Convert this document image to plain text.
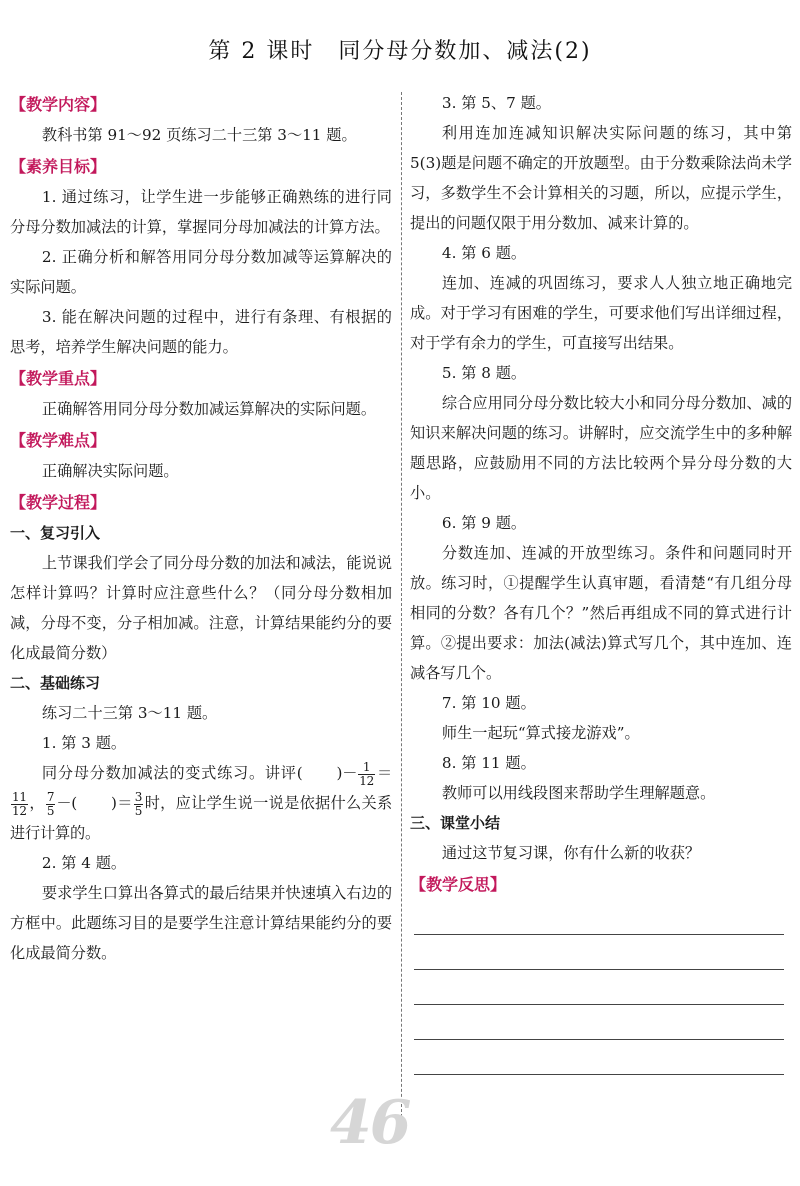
第 2 课时　同分母分数加、减法(2)

【教学内容】

教科书第 91～92 页练习二十三第 3～11 题。

【素养目标】

1. 通过练习，让学生进一步能够正确熟练的进行同分母分数加减法的计算，掌握同分母加减法的计算方法。

2. 正确分析和解答用同分母分数加减等运算解决的实际问题。

3. 能在解决问题的过程中，进行有条理、有根据的思考，培养学生解决问题的能力。

【教学重点】

正确解答用同分母分数加减运算解决的实际问题。

【教学难点】

正确解决实际问题。

【教学过程】

一、复习引入

上节课我们学会了同分母分数的加法和减法，能说说怎样计算吗？计算时应注意些什么？（同分母分数相加减，分母不变，分子相加减。注意，计算结果能约分的要化成最简分数）

二、基础练习

练习二十三第 3～11 题。

1. 第 3 题。

同分母分数加减法的变式练习。讲评( )－ $\frac{1}{12}$ ＝
$\frac{11}{12}$ ， $\frac{7}{5}$ －( )＝ $\frac{3}{5}$ 时，应让学生说一说是依据什么关系进行计算的。

2. 第 4 题。

要求学生口算出各算式的最后结果并快速填入右边的方框中。此题练习目的是要学生注意计算结果能约分的要化成最简分数。

3. 第 5、7 题。

利用连加连减知识解决实际问题的练习，其中第 5(3)题是问题不确定的开放题型。由于分数乘除法尚未学习，多数学生不会计算相关的习题，所以，应提示学生，提出的问题仅限于用分数加、减来计算的。

4. 第 6 题。

连加、连减的巩固练习，要求人人独立地正确地完成。对于学习有困难的学生，可要求他们写出详细过程，对于学有余力的学生，可直接写出结果。

5. 第 8 题。

综合应用同分母分数比较大小和同分母分数加、减的知识来解决问题的练习。讲解时，应交流学生中的多种解题思路，应鼓励用不同的方法比较两个异分母分数的大小。

6. 第 9 题。

分数连加、连减的开放型练习。条件和问题同时开放。练习时，①提醒学生认真审题，看清楚“有几组分母相同的分数？各有几个？”然后再组成不同的算式进行计算。②提出要求：加法(减法)算式写几个，其中连加、连减各写几个。

7. 第 10 题。

师生一起玩“算式接龙游戏”。

8. 第 11 题。

教师可以用线段图来帮助学生理解题意。

三、课堂小结

通过这节复习课，你有什么新的收获？

【教学反思】

46
